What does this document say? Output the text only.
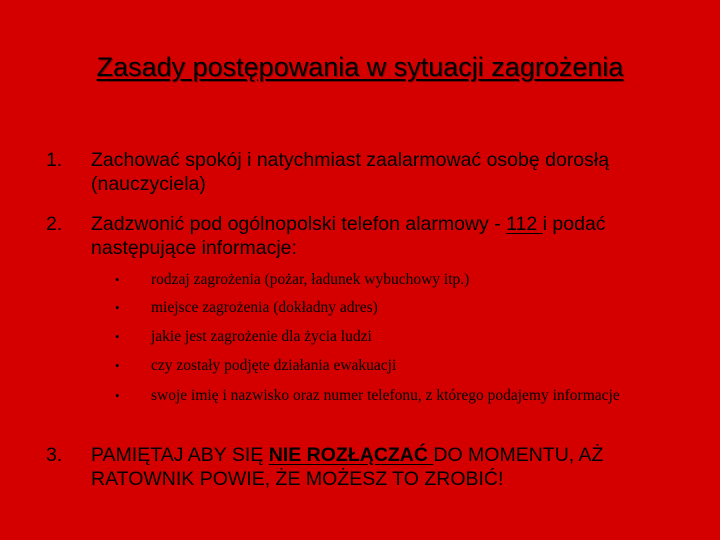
Zasady postępowania w sytuacji zagrożenia
1. Zachować spokój i natychmiast zaalarmować osobę dorosłą (nauczyciela)
2. Zadzwonić pod ogólnopolski telefon alarmowy - 112 i podać następujące informacje:
• rodzaj zagrożenia (pożar, ładunek wybuchowy itp.)
• miejsce zagrożenia (dokładny adres)
• jakie jest zagrożenie dla życia ludzi
• czy zostały podjęte działania ewakuacji
• swoje imię i nazwisko oraz numer telefonu, z którego podajemy informacje
3. PAMIĘTAJ ABY SIĘ NIE ROZŁĄCZAĆ DO MOMENTU, AŻ RATOWNIK POWIE, ŻE MOŻESZ TO ZROBIĆ!
